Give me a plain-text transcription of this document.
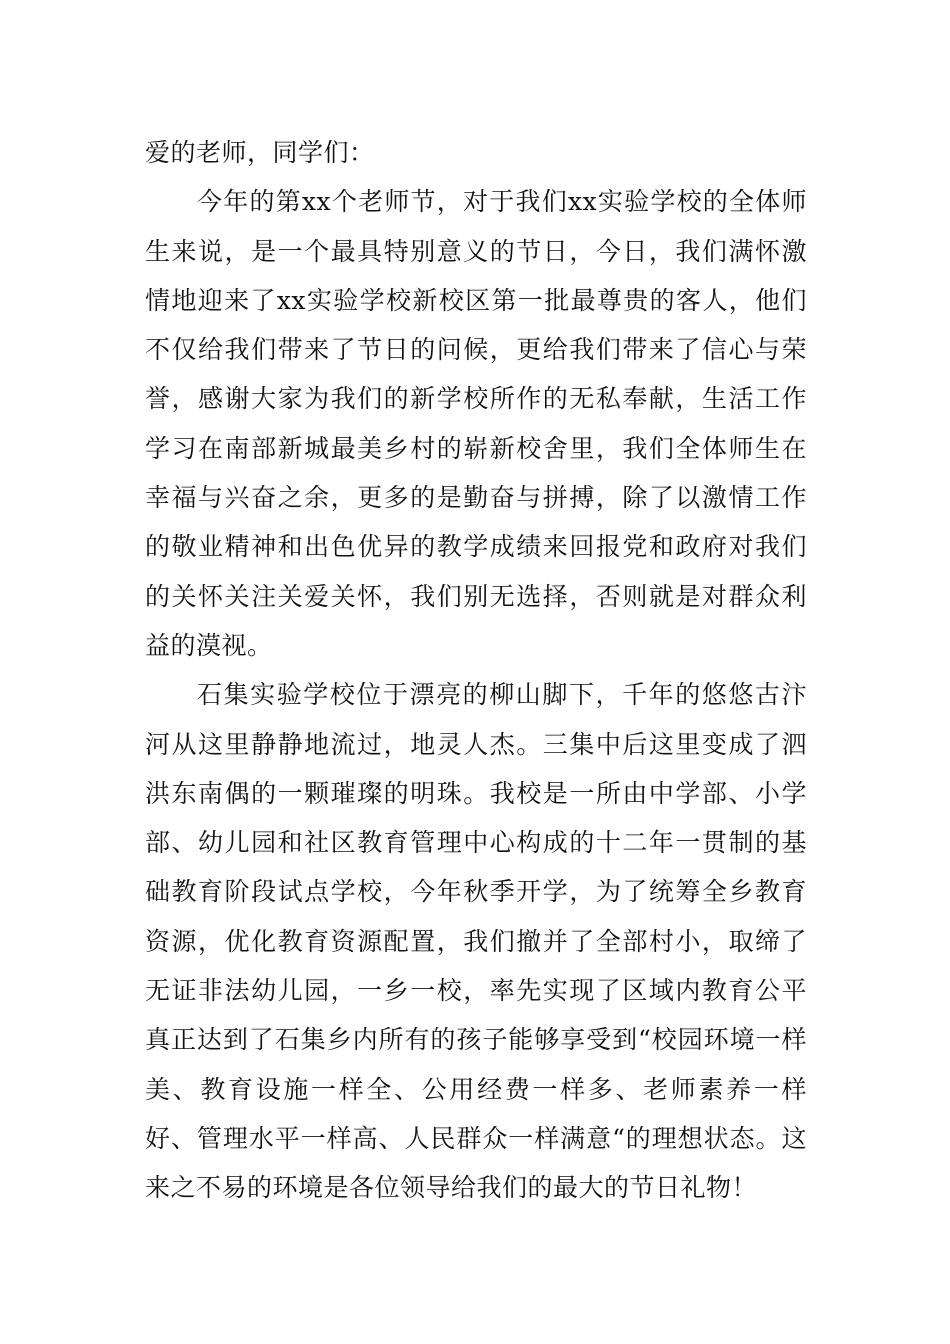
爱的老师，同学们：

今年的第xx个老师节，对于我们xx实验学校的全体师生来说，是一个最具特别意义的节日，今日，我们满怀激情地迎来了xx实验学校新校区第一批最尊贵的客人，他们不仅给我们带来了节日的问候，更给我们带来了信心与荣誉，感谢大家为我们的新学校所作的无私奉献，生活工作学习在南部新城最美乡村的崭新校舍里，我们全体师生在幸福与兴奋之余，更多的是勤奋与拼搏，除了以激情工作的敬业精神和出色优异的教学成绩来回报党和政府对我们的关怀关注关爱关怀，我们别无选择，否则就是对群众利益的漠视。

石集实验学校位于漂亮的柳山脚下，千年的悠悠古汴河从这里静静地流过，地灵人杰。三集中后这里变成了泗洪东南偶的一颗璀璨的明珠。我校是一所由中学部、小学部、幼儿园和社区教育管理中心构成的十二年一贯制的基础教育阶段试点学校，今年秋季开学，为了统筹全乡教育资源，优化教育资源配置，我们撤并了全部村小，取缔了无证非法幼儿园，一乡一校，率先实现了区域内教育公平真正达到了石集乡内所有的孩子能够享受到“校园环境一样美、教育设施一样全、公用经费一样多、老师素养一样好、管理水平一样高、人民群众一样满意“的理想状态。这来之不易的环境是各位领导给我们的最大的节日礼物！
